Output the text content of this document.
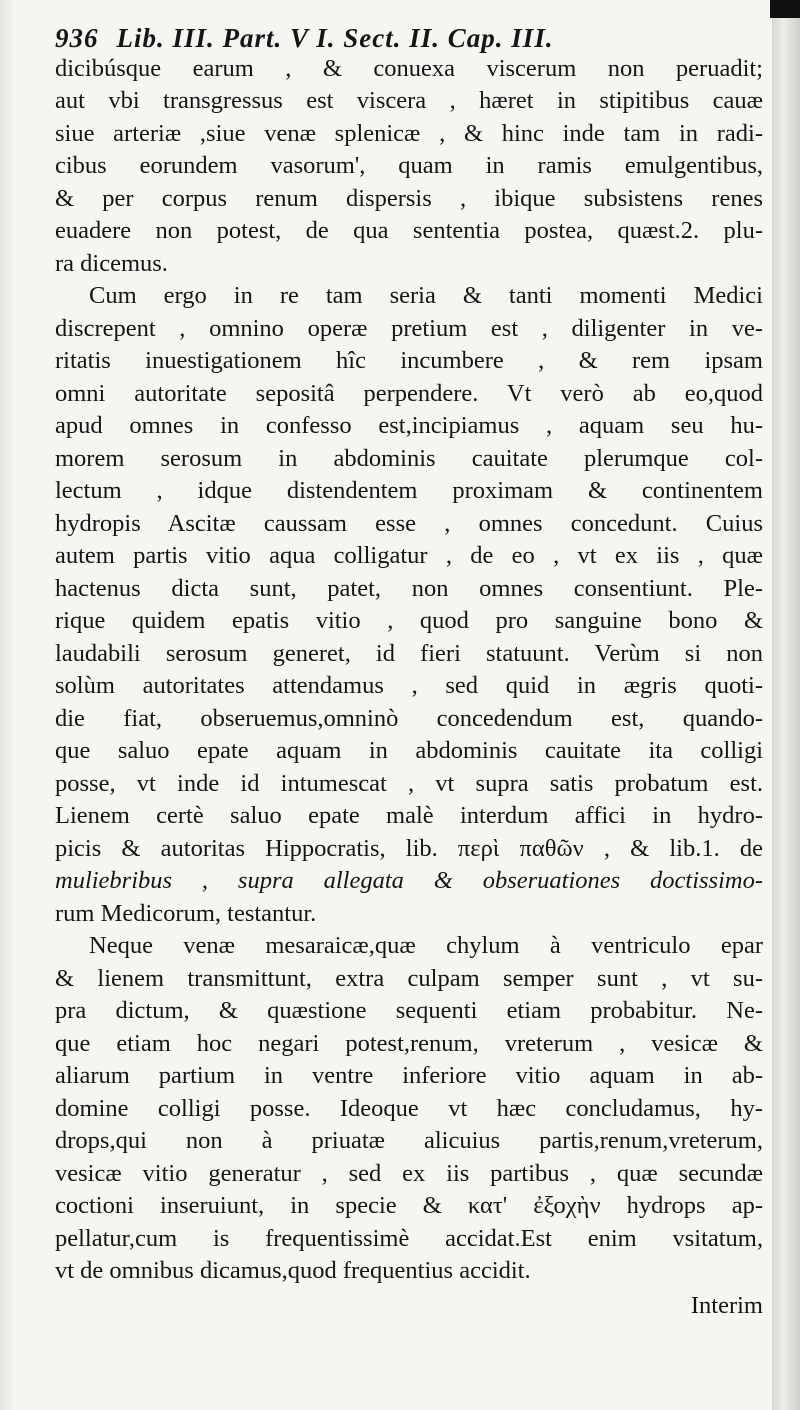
936 Lib. III. Part. V I. Sect. II. Cap. III.
dicibúsque earum , & conuexa viscerum non peruadit;
aut vbi transgressus est viscera , hæret in stipitibus cauæ
siue arteriæ ,siue venæ splenicæ , & hinc inde tam in radi-
cibus eorundem vasorum', quam in ramis emulgentibus,
& per corpus renum dispersis , ibique subsistens renes
euadere non potest, de qua sententia postea, quæst.2. plu-
ra dicemus.
Cum ergo in re tam seria & tanti momenti Medici
discrepent , omnino operæ pretium est , diligenter in ve-
ritatis inuestigationem hîc incumbere , & rem ipsam
omni autoritate sepositâ perpendere. Vt verò ab eo,quod
apud omnes in confesso est,incipiamus , aquam seu hu-
morem serosum in abdominis cauitate plerumque col-
lectum , idque distendentem proximam & continentem
hydropis Ascitæ caussam esse , omnes concedunt. Cuius
autem partis vitio aqua colligatur , de eo , vt ex iis , quæ
hactenus dicta sunt, patet, non omnes consentiunt. Ple-
rique quidem epatis vitio , quod pro sanguine bono &
laudabili serosum generet, id fieri statuunt. Verùm si non
solùm autoritates attendamus , sed quid in ægris quoti-
die fiat, obseruemus,omninò concedendum est, quando-
que saluo epate aquam in abdominis cauitate ita colligi
posse, vt inde id intumescat , vt supra satis probatum est.
Lienem certè saluo epate malè interdum affici in hydro-
picis & autoritas Hippocratis, lib. περὶ παθῶν , & lib.1. de
muliebribus , supra allegata & obseruationes doctissimo-
rum Medicorum, testantur.
Neque venæ mesaraicæ,quæ chylum à ventriculo epar
& lienem transmittunt, extra culpam semper sunt , vt su-
pra dictum, & quæstione sequenti etiam probabitur. Ne-
que etiam hoc negari potest,renum, vreterum , vesicæ &
aliarum partium in ventre inferiore vitio aquam in ab-
domine colligi posse. Ideoque vt hæc concludamus, hy-
drops,qui non à priuatæ alicuius partis,renum,vreterum,
vesicæ vitio generatur , sed ex iis partibus , quæ secundæ
coctioni inseruiunt, in specie & κατ' ἐξοχὴν hydrops ap-
pellatur,cum is frequentissimè accidat.Est enim vsitatum,
vt de omnibus dicamus,quod frequentius accidit.
Interim
